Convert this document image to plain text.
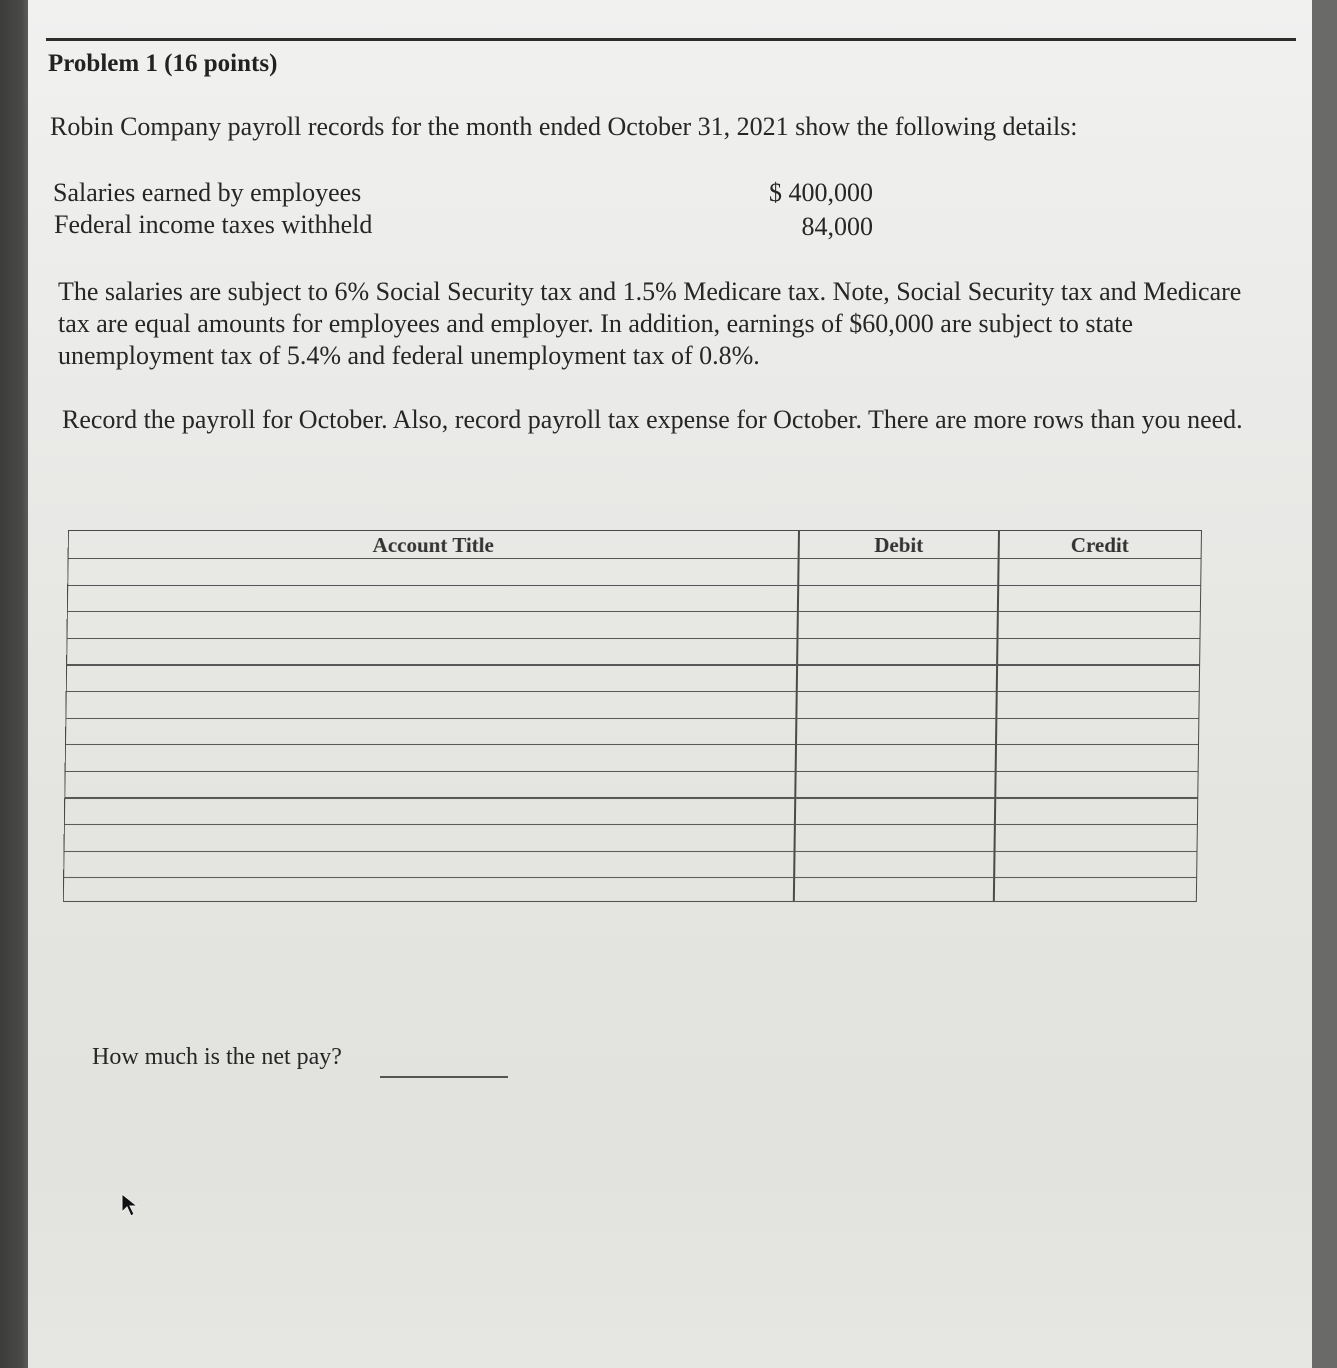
Problem 1 (16 points)
Robin Company payroll records for the month ended October 31, 2021 show the following details:
Salaries earned by employees	$ 400,000
Federal income taxes withheld	84,000
The salaries are subject to 6% Social Security tax and 1.5% Medicare tax. Note, Social Security tax and Medicare tax are equal amounts for employees and employer. In addition, earnings of $60,000 are subject to state unemployment tax of 5.4% and federal unemployment tax of 0.8%.
Record the payroll for October. Also, record payroll tax expense for October. There are more rows than you need.
Account Title	Debit	Credit
How much is the net pay?
